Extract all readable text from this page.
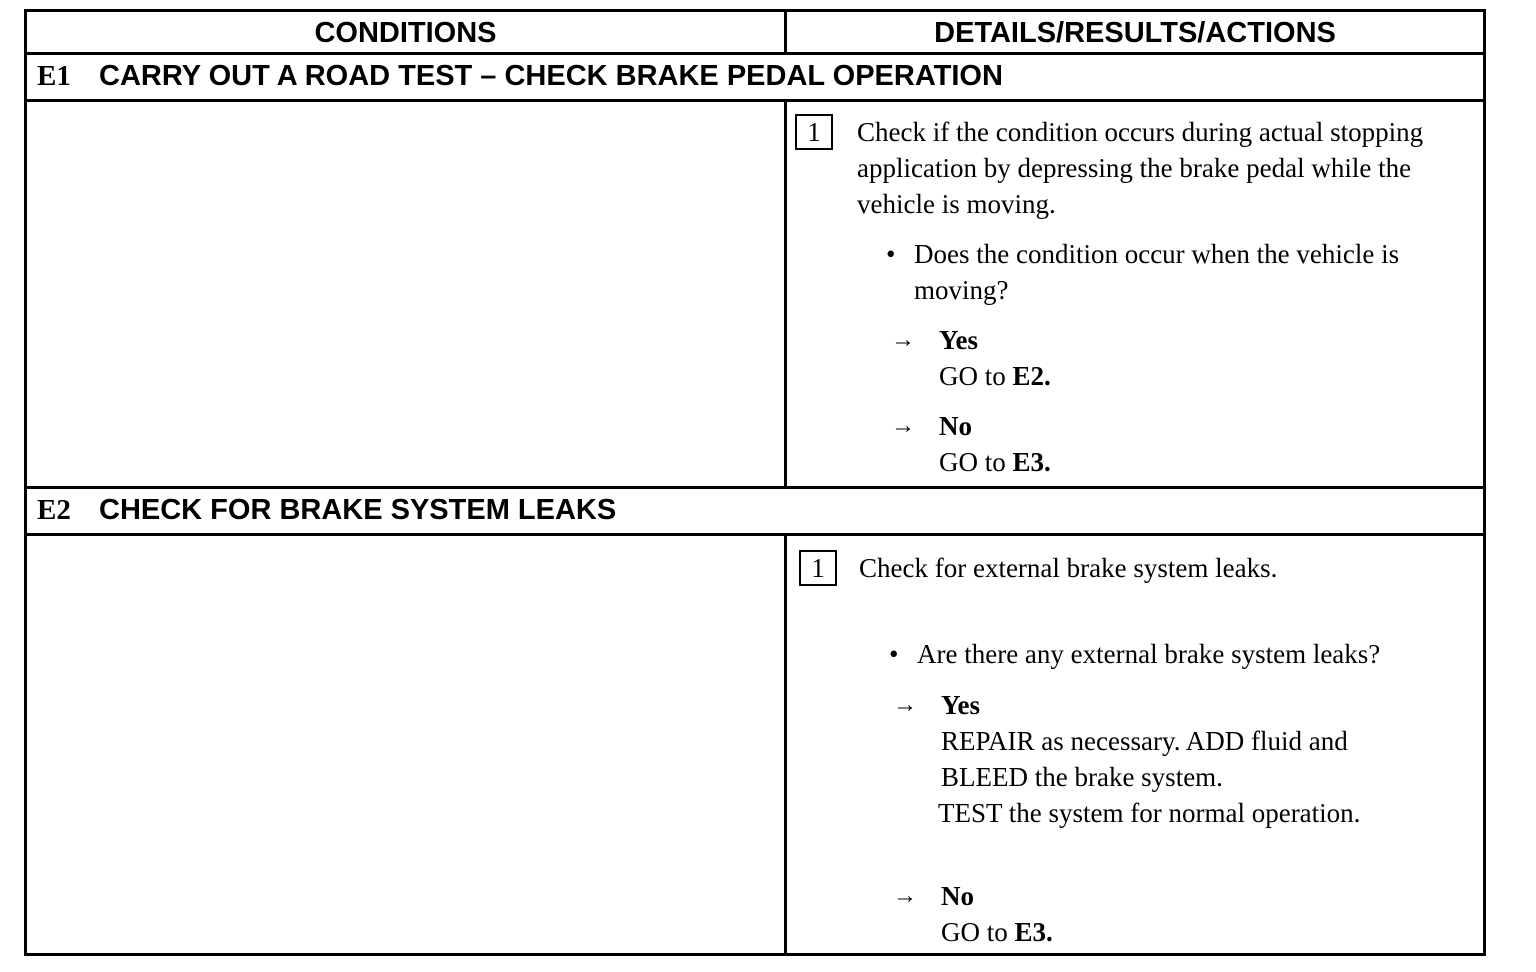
CONDITIONS	DETAILS/RESULTS/ACTIONS
E1 CARRY OUT A ROAD TEST – CHECK BRAKE PEDAL OPERATION
1	Check if the condition occurs during actual stopping application by depressing the brake pedal while the vehicle is moving.
• Does the condition occur when the vehicle is moving?
→ Yes
GO to E2.
→ No
GO to E3.
E2 CHECK FOR BRAKE SYSTEM LEAKS
1	Check for external brake system leaks.
• Are there any external brake system leaks?
→ Yes
REPAIR as necessary. ADD fluid and
BLEED the brake system.
TEST the system for normal operation.
→ No
GO to E3.
